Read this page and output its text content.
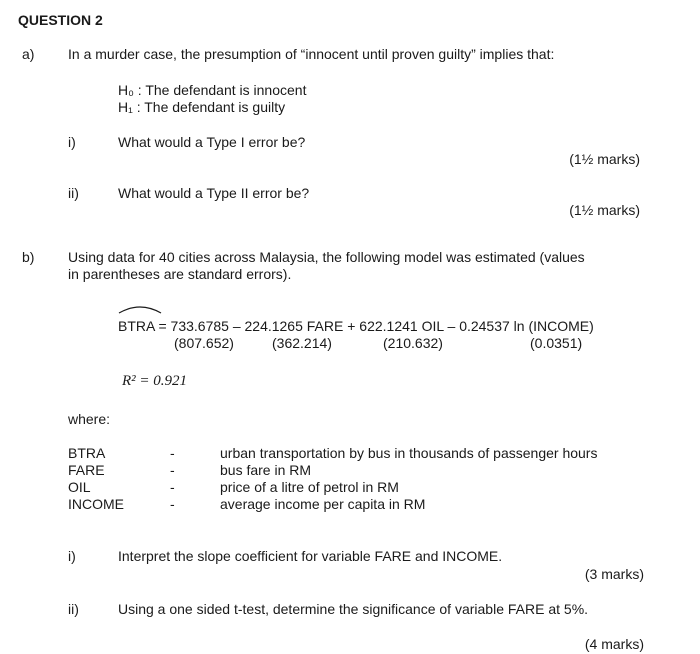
QUESTION 2
a) In a murder case, the presumption of “innocent until proven guilty” implies that:
H₀ : The defendant is innocent
H₁ : The defendant is guilty
i)	What would a Type I error be?
(1½ marks)
ii)	What would a Type II error be?
(1½ marks)
b) Using data for 40 cities across Malaysia, the following model was estimated (values
in parentheses are standard errors).
BTRA = 733.6785 – 224.1265 FARE + 622.1241 OIL – 0.24537 ln (INCOME)
(807.652)	(362.214)	(210.632)	(0.0351)
R² = 0.921
where:
BTRA	-	urban transportation by bus in thousands of passenger hours
FARE	-	bus fare in RM
OIL	-	price of a litre of petrol in RM
INCOME	-	average income per capita in RM
i)	Interpret the slope coefficient for variable FARE and INCOME.
(3 marks)
ii)	Using a one sided t-test, determine the significance of variable FARE at 5%.
(4 marks)
